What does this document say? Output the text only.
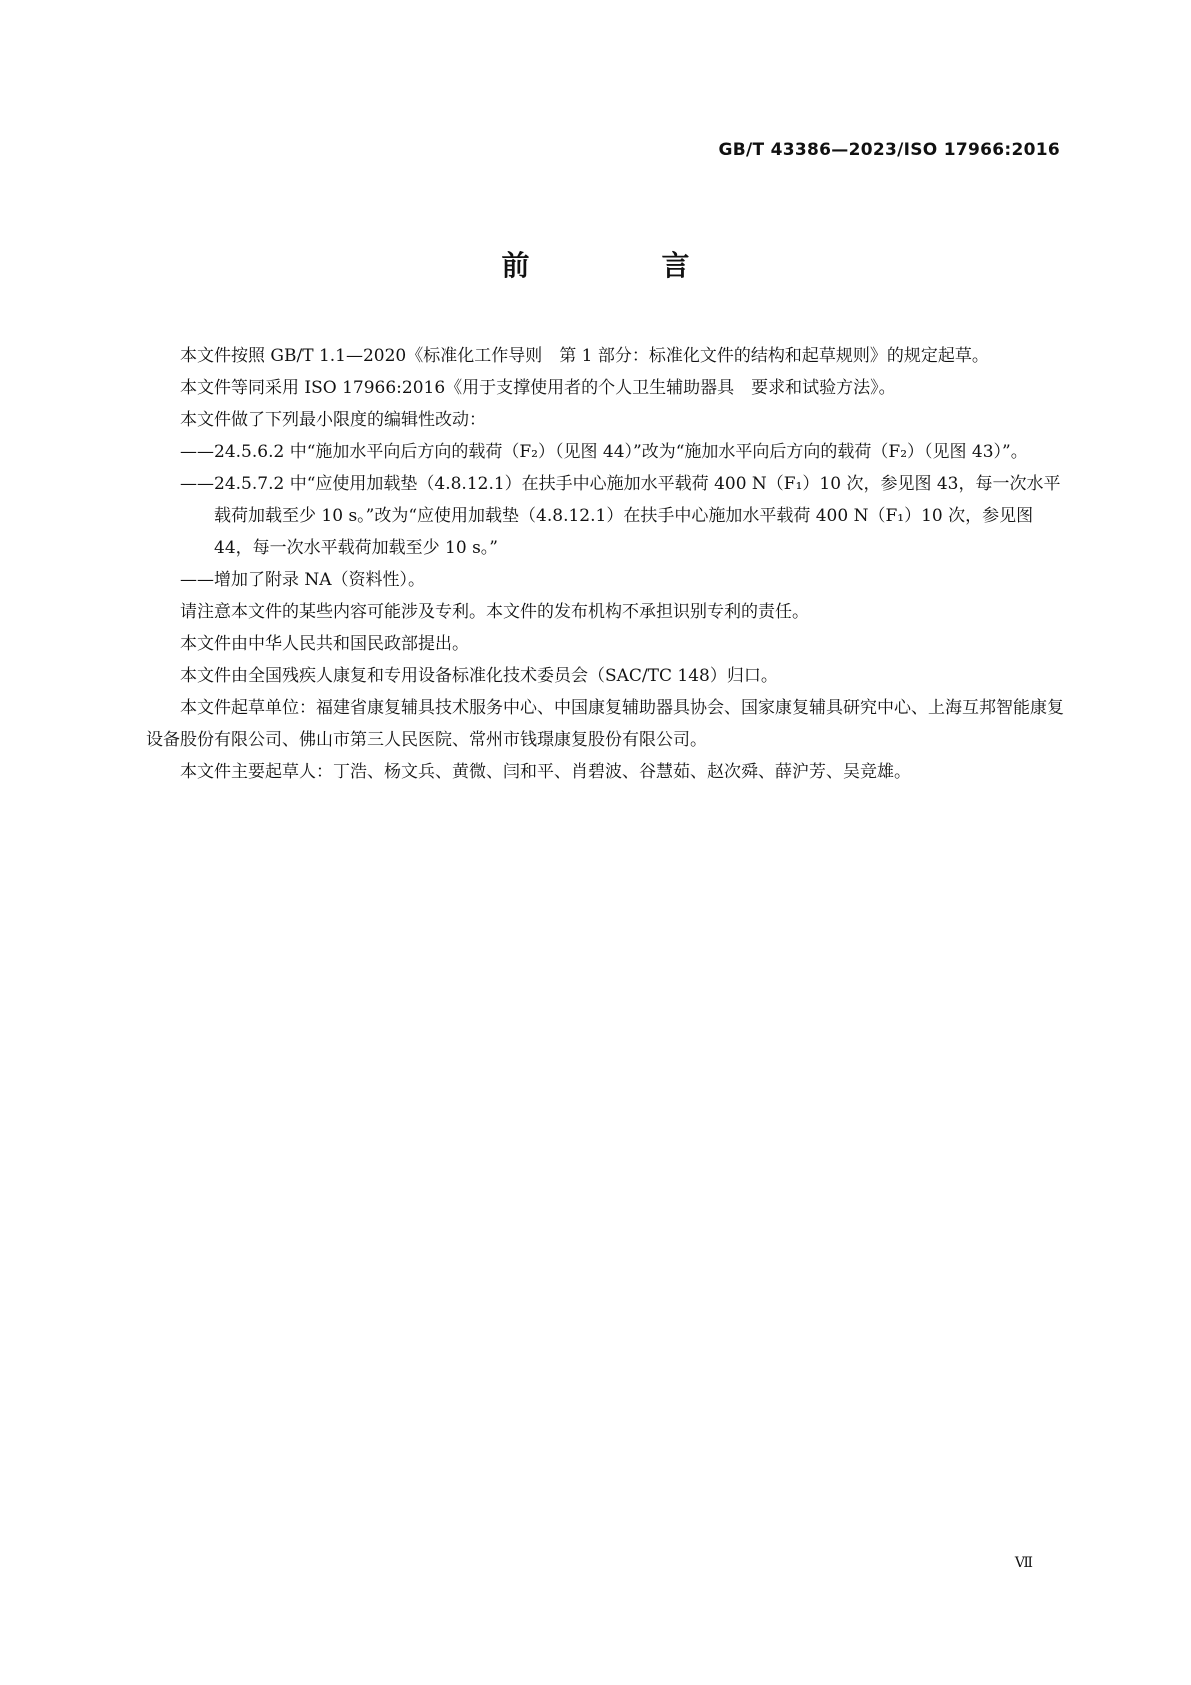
GB/T 43386—2023/ISO 17966:2016
前　言

本文件按照 GB/T 1.1—2020《标准化工作导则　第 1 部分：标准化文件的结构和起草规则》的规定起草。

本文件等同采用 ISO 17966:2016《用于支撑使用者的个人卫生辅助器具　要求和试验方法》。

本文件做了下列最小限度的编辑性改动：

——24.5.6.2 中“施加水平向后方向的载荷（F₂）（见图 44）”改为“施加水平向后方向的载荷（F₂）（见图 43）”。

——24.5.7.2 中“应使用加载垫（4.8.12.1）在扶手中心施加水平载荷 400 N（F₁）10 次，参见图 43，每一次水平载荷加载至少 10 s。”改为“应使用加载垫（4.8.12.1）在扶手中心施加水平载荷 400 N（F₁）10 次，参见图 44，每一次水平载荷加载至少 10 s。”

——增加了附录 NA（资料性）。

请注意本文件的某些内容可能涉及专利。本文件的发布机构不承担识别专利的责任。

本文件由中华人民共和国民政部提出。

本文件由全国残疾人康复和专用设备标准化技术委员会（SAC/TC 148）归口。

本文件起草单位：福建省康复辅具技术服务中心、中国康复辅助器具协会、国家康复辅具研究中心、上海互邦智能康复设备股份有限公司、佛山市第三人民医院、常州市钱璟康复股份有限公司。

本文件主要起草人：丁浩、杨文兵、黄微、闫和平、肖碧波、谷慧茹、赵次舜、薛沪芳、吴竞雄。

Ⅶ
